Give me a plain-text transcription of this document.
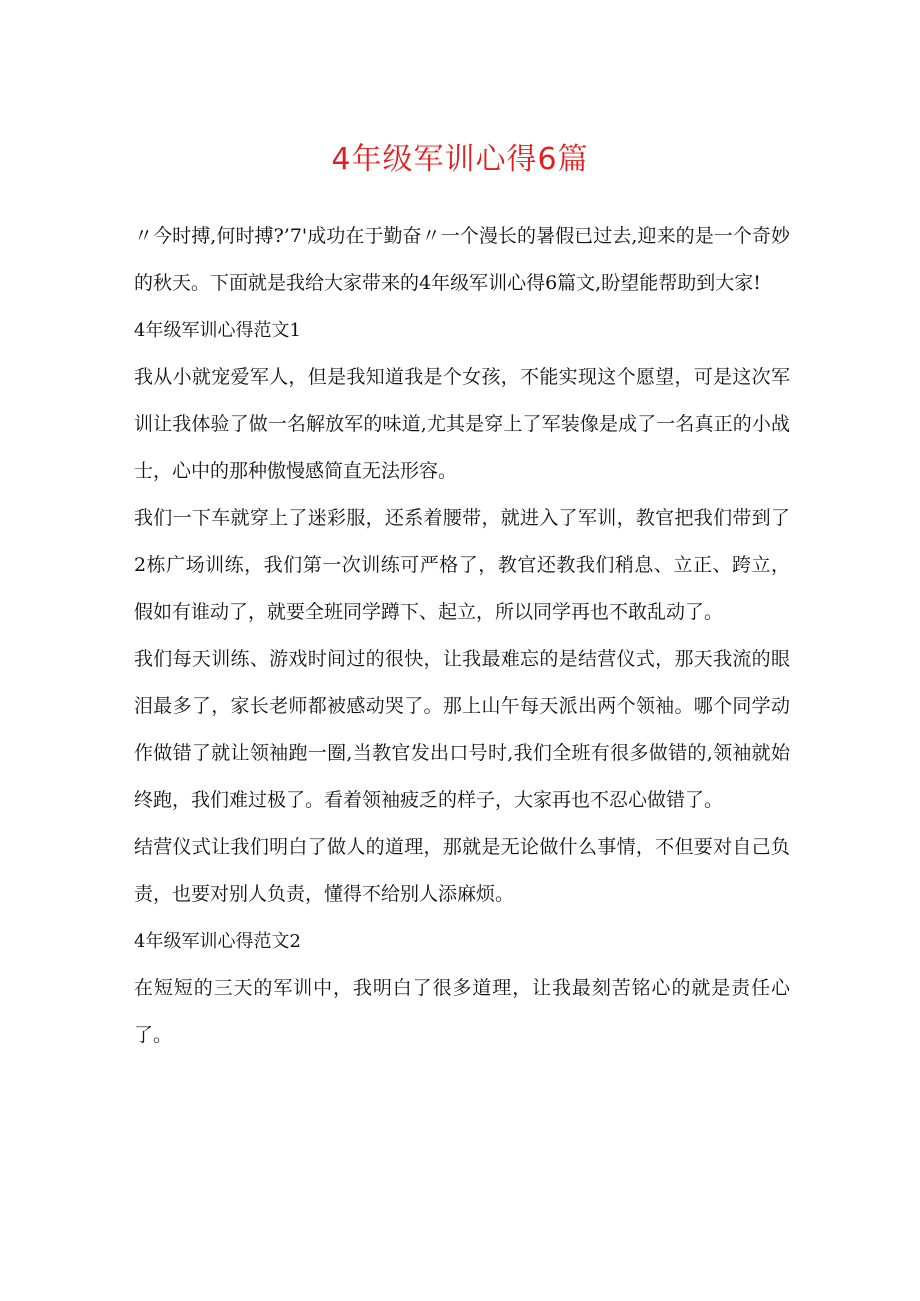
4年级军训心得6篇

〃今时搏,何时搏?’7'成功在于勤奋〃一个漫长的暑假已过去,迎来的是一个奇妙的秋天。下面就是我给大家带来的4年级军训心得6篇文,盼望能帮助到大家!

4年级军训心得范文1

我从小就宠爱军人，但是我知道我是个女孩，不能实现这个愿望，可是这次军训让我体验了做一名解放军的味道,尤其是穿上了军装像是成了一名真正的小战士，心中的那种傲慢感简直无法形容。

我们一下车就穿上了迷彩服，还系着腰带，就进入了军训，教官把我们带到了2栋广场训练，我们第一次训练可严格了，教官还教我们稍息、立正、跨立，假如有谁动了，就要全班同学蹲下、起立，所以同学再也不敢乱动了。

我们每天训练、游戏时间过的很快，让我最难忘的是结营仪式，那天我流的眼泪最多了，家长老师都被感动哭了。那上山午每天派出两个领袖。哪个同学动作做错了就让领袖跑一圈,当教官发出口号时,我们全班有很多做错的,领袖就始终跑，我们难过极了。看着领袖疲乏的样子，大家再也不忍心做错了。

结营仪式让我们明白了做人的道理，那就是无论做什么事情，不但要对自己负责，也要对别人负责，懂得不给别人添麻烦。

4年级军训心得范文2

在短短的三天的军训中，我明白了很多道理，让我最刻苦铭心的就是责任心了。
